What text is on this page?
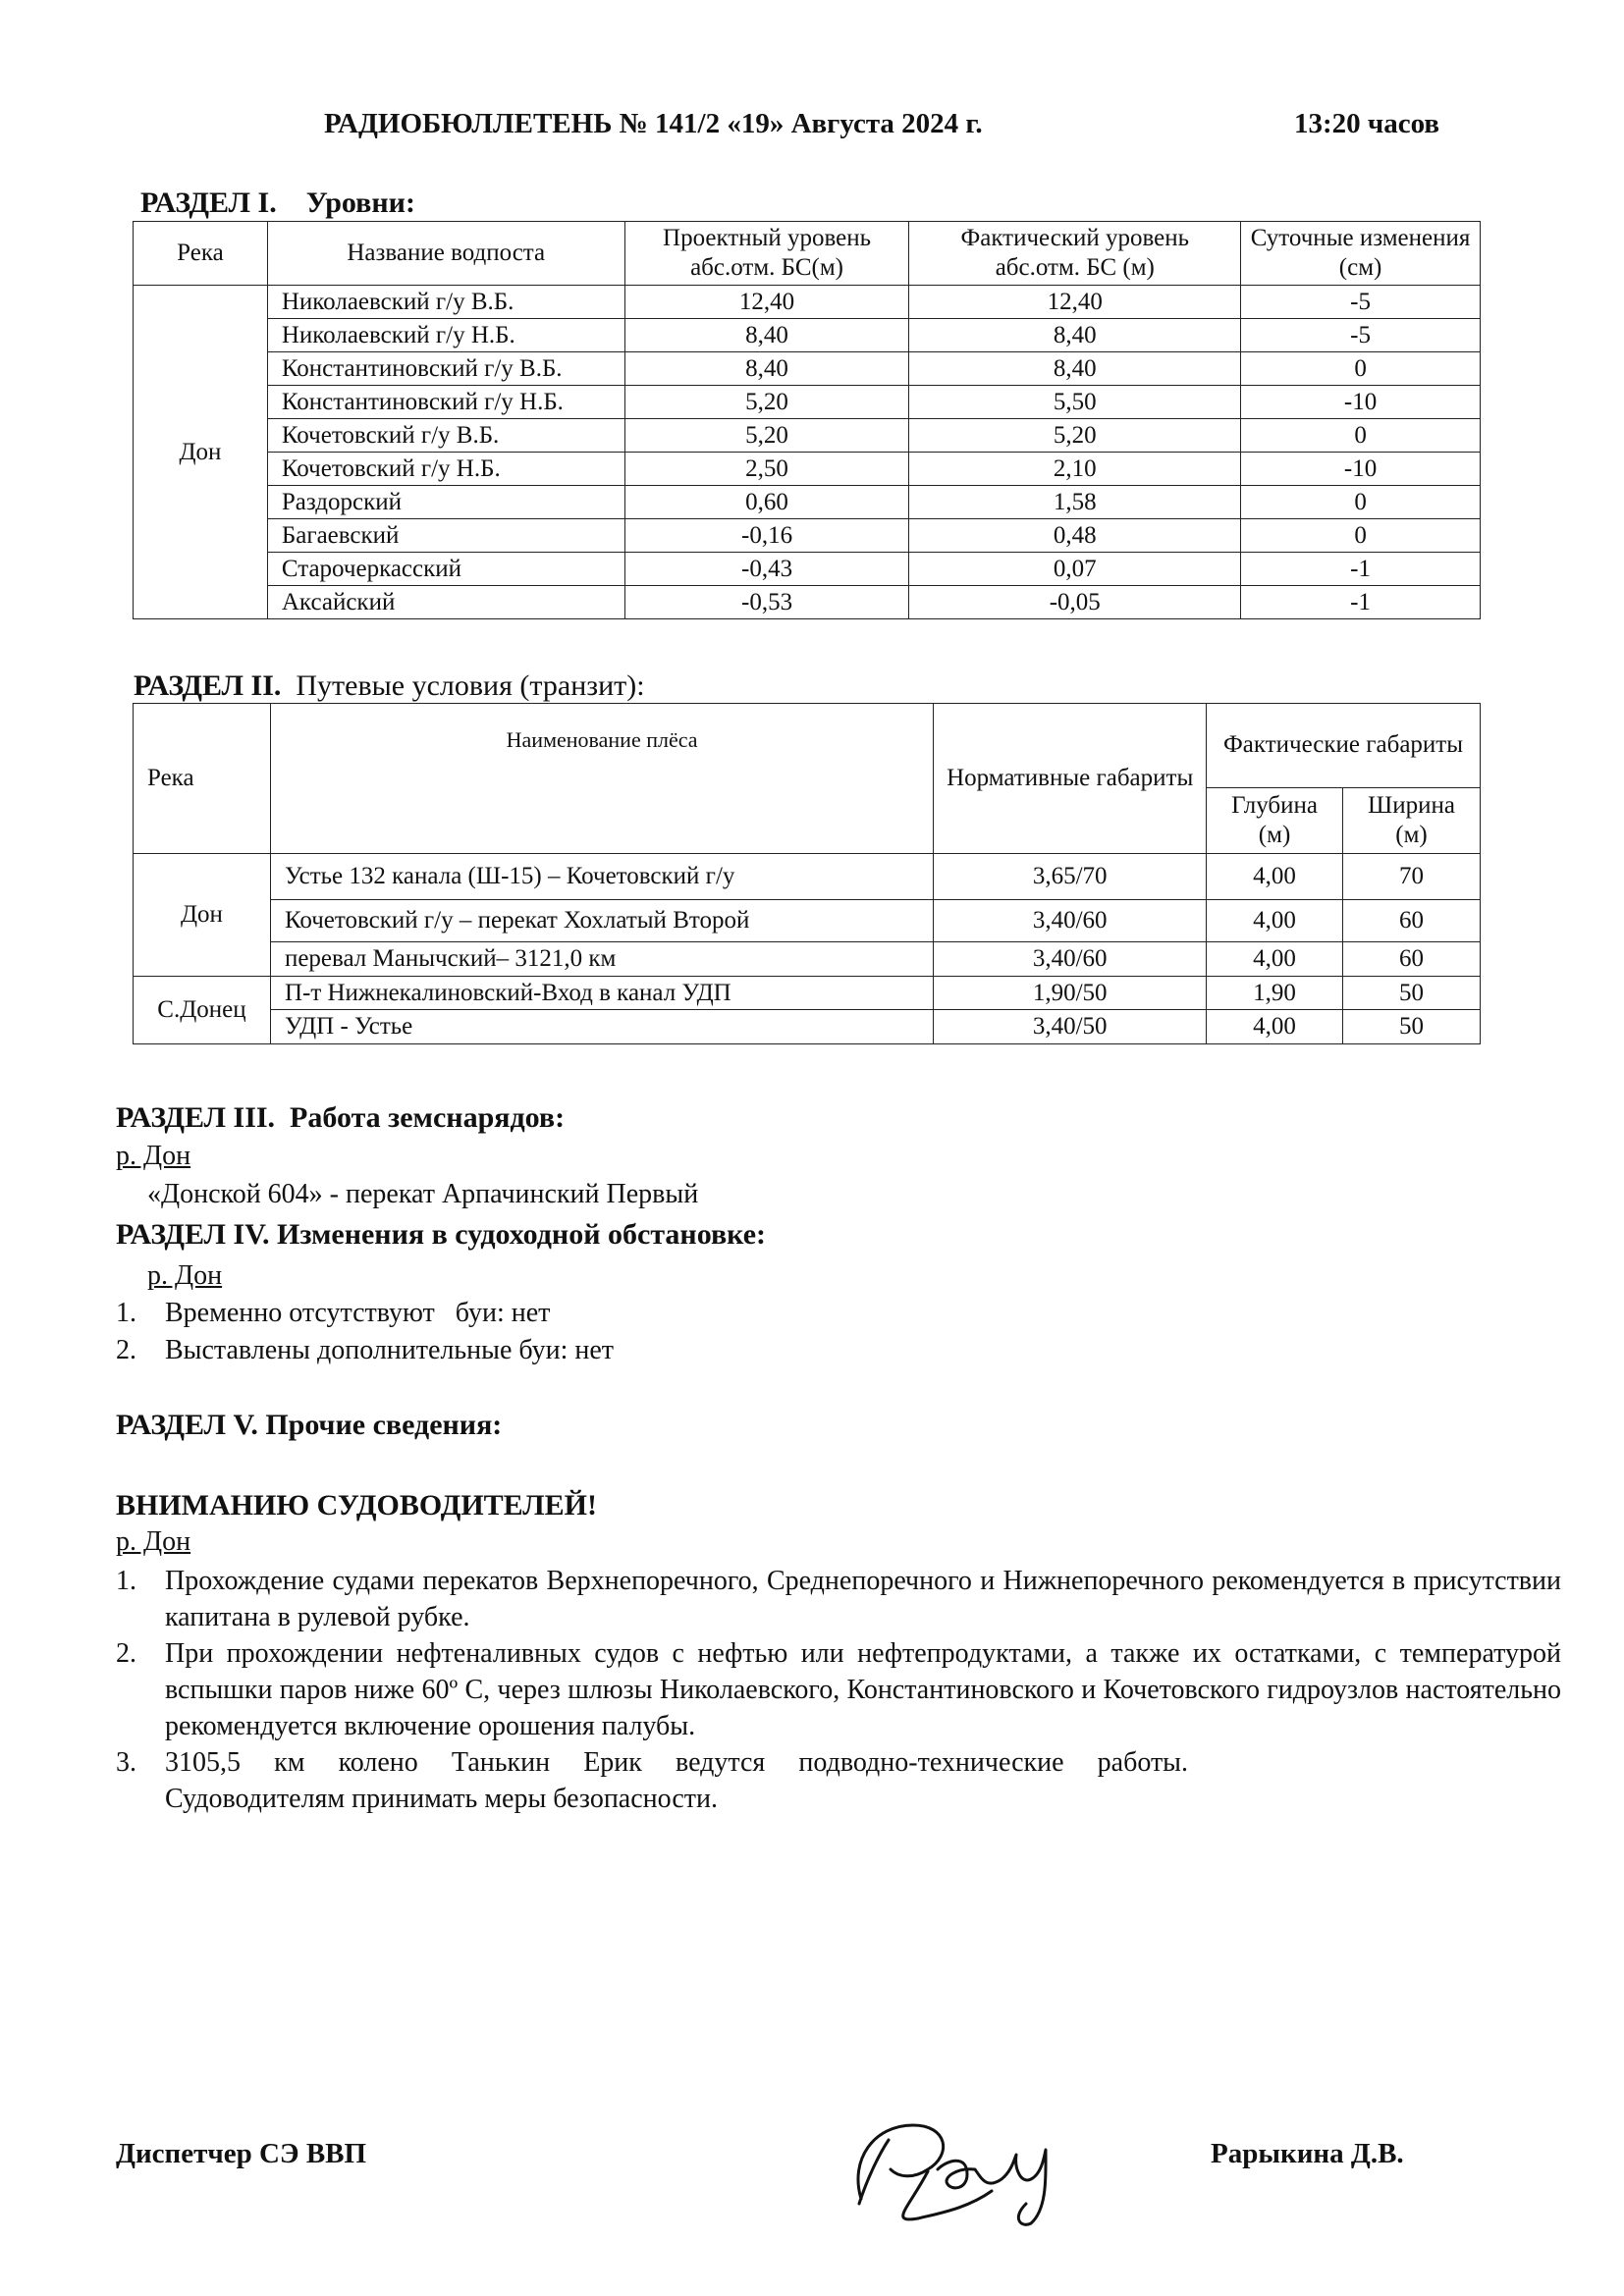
РАДИОБЮЛЛЕТЕНЬ № 141/2 «19» Августа 2024 г.	13:20 часов
РАЗДЕЛ I.    Уровни:
Река	Название водпоста	Проектный уровень абс.отм. БС(м)	Фактический уровень абс.отм. БС (м)	Суточные изменения (см)
Дон	Николаевский г/у В.Б.	12,40	12,40	-5
	Николаевский г/у Н.Б.	8,40	8,40	-5
	Константиновский г/у В.Б.	8,40	8,40	0
	Константиновский г/у Н.Б.	5,20	5,50	-10
	Кочетовский г/у В.Б.	5,20	5,20	0
	Кочетовский г/у Н.Б.	2,50	2,10	-10
	Раздорский	0,60	1,58	0
	Багаевский	-0,16	0,48	0
	Старочеркасский	-0,43	0,07	-1
	Аксайский	-0,53	-0,05	-1
РАЗДЕЛ II.  Путевые условия (транзит):
Река	Наименование плёса	Нормативные габариты	Фактические габариты	
			Глубина (м)	Ширина (м)
Дон	Устье 132 канала (Ш-15) – Кочетовский г/у	3,65/70	4,00	70
	Кочетовский г/у – перекат Хохлатый Второй	3,40/60	4,00	60
	перевал Манычский– 3121,0 км	3,40/60	4,00	60
С.Донец	П-т Нижнекалиновский-Вход в канал УДП	1,90/50	1,90	50
	УДП - Устье	3,40/50	4,00	50
РАЗДЕЛ III.  Работа земснарядов:
р. Дон
«Донской 604» - перекат Арпачинский Первый
РАЗДЕЛ IV. Изменения в судоходной обстановке:
р. Дон
1. Временно отсутствуют   буи: нет
2. Выставлены дополнительные буи: нет
РАЗДЕЛ V. Прочие сведения:
ВНИМАНИЮ СУДОВОДИТЕЛЕЙ!
р. Дон
1.	Прохождение судами перекатов Верхнепоречного, Среднепоречного и Нижнепоречного рекомендуется в присутствии капитана в рулевой рубке.
2.	При прохождении нефтеналивных судов с нефтью или нефтепродуктами, а также их остатками, с температурой вспышки паров ниже 60º С, через шлюзы Николаевского, Константиновского и Кочетовского гидроузлов настоятельно рекомендуется включение орошения палубы.
3.	3105,5 км колено Танькин Ерик ведутся подводно-технические работы. Судоводителям принимать меры безопасности.
Диспетчер СЭ ВВП	Рарыкина Д.В.
